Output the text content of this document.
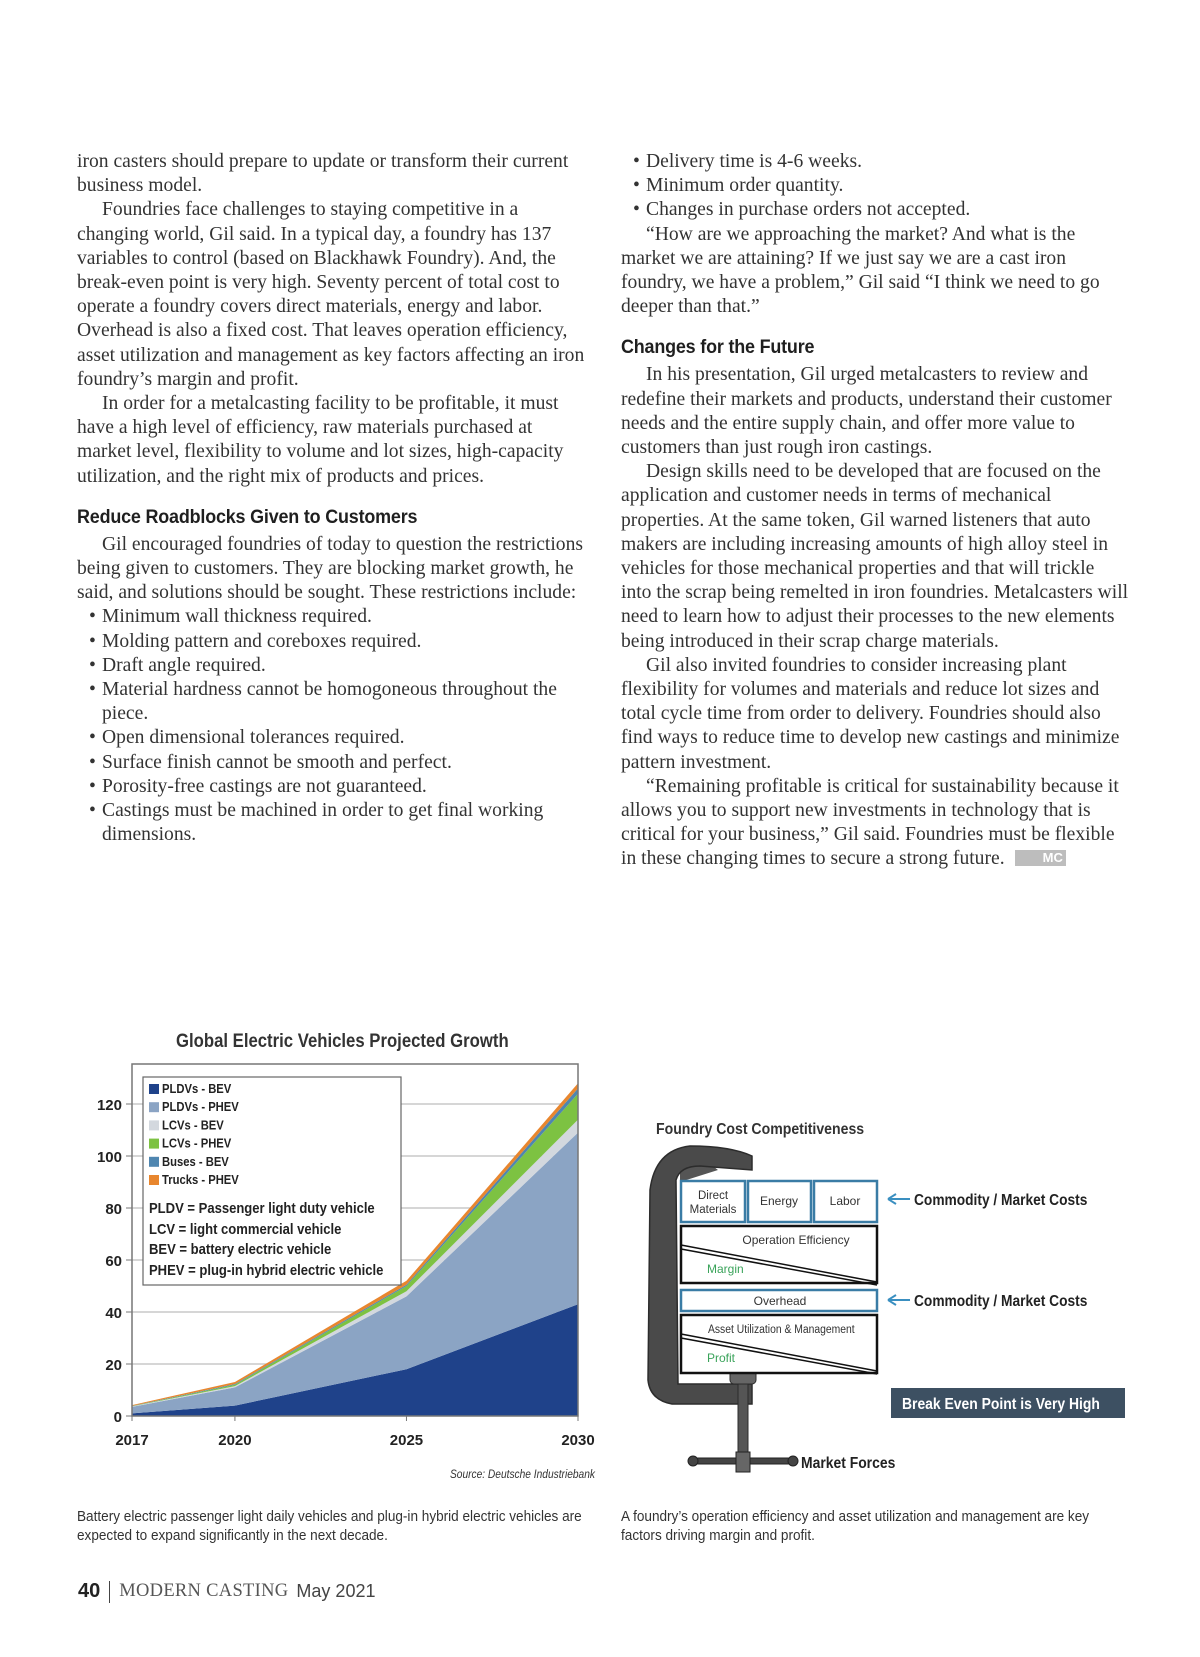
iron casters should prepare to update or transform their current business model.

Foundries face challenges to staying competitive in a changing world, Gil said. In a typical day, a foundry has 137 variables to control (based on Blackhawk Foundry). And, the break-even point is very high. Seventy percent of total cost to operate a foundry covers direct materials, energy and labor. Overhead is also a fixed cost. That leaves operation efficiency, asset utilization and management as key factors affecting an iron foundry’s margin and profit.

In order for a metalcasting facility to be profitable, it must have a high level of efficiency, raw materials purchased at market level, flexibility to volume and lot sizes, high-capacity utilization, and the right mix of products and prices.

Reduce Roadblocks Given to Customers

Gil encouraged foundries of today to question the restrictions being given to customers. They are blocking market growth, he said, and solutions should be sought. These restrictions include:

• Minimum wall thickness required.
• Molding pattern and coreboxes required.
• Draft angle required.
• Material hardness cannot be homogoneous throughout the piece.
• Open dimensional tolerances required.
• Surface finish cannot be smooth and perfect.
• Porosity-free castings are not guaranteed.
• Castings must be machined in order to get final working dimensions.
• Delivery time is 4-6 weeks.
• Minimum order quantity.
• Changes in purchase orders not accepted.

“How are we approaching the market? And what is the market we are attaining? If we just say we are a cast iron foundry, we have a problem,” Gil said “I think we need to go deeper than that.”

Changes for the Future

In his presentation, Gil urged metalcasters to review and redefine their markets and products, understand their customer needs and the entire supply chain, and offer more value to customers than just rough iron castings.

Design skills need to be developed that are focused on the application and customer needs in terms of mechanical properties. At the same token, Gil warned listeners that auto makers are including increasing amounts of high alloy steel in vehicles for those mechanical properties and that will trickle into the scrap being remelted in iron foundries. Metalcasters will need to learn how to adjust their processes to the new elements being introduced in their scrap charge materials.

Gil also invited foundries to consider increasing plant flexibility for volumes and materials and reduce lot sizes and total cycle time from order to delivery. Foundries should also find ways to reduce time to develop new castings and minimize pattern investment.

“Remaining profitable is critical for sustainability because it allows you to support new investments in technology that is critical for your business,” Gil said. Foundries must be flexible in these changing times to secure a strong future.	MC

Global Electric Vehicles Projected Growth
0
20
40
60
80
100
120
2017	2020	2025	2030
PLDVs - BEV
PLDVs - PHEV
LCVs - BEV
LCVs - PHEV
Buses - BEV
Trucks - PHEV
PLDV = Passenger light duty vehicle
LCV = light commercial vehicle
BEV = battery electric vehicle
PHEV = plug-in hybrid electric vehicle
Source: Deutsche Industriebank
Direct
Materials
Energy	Labor
Operation Efficiency
Margin
Overhead
Asset Utilization & Management
Profit
Commodity / Market Costs
Commodity / Market Costs
Break Even Point is Very High
Market Forces
Foundry Cost Competitiveness
Battery electric passenger light daily vehicles and plug-in hybrid electric vehicles are expected to expand significantly in the next decade.
A foundry’s operation efficiency and asset utilization and management are key factors driving margin and profit.
40 MODERN CASTING May 2021
